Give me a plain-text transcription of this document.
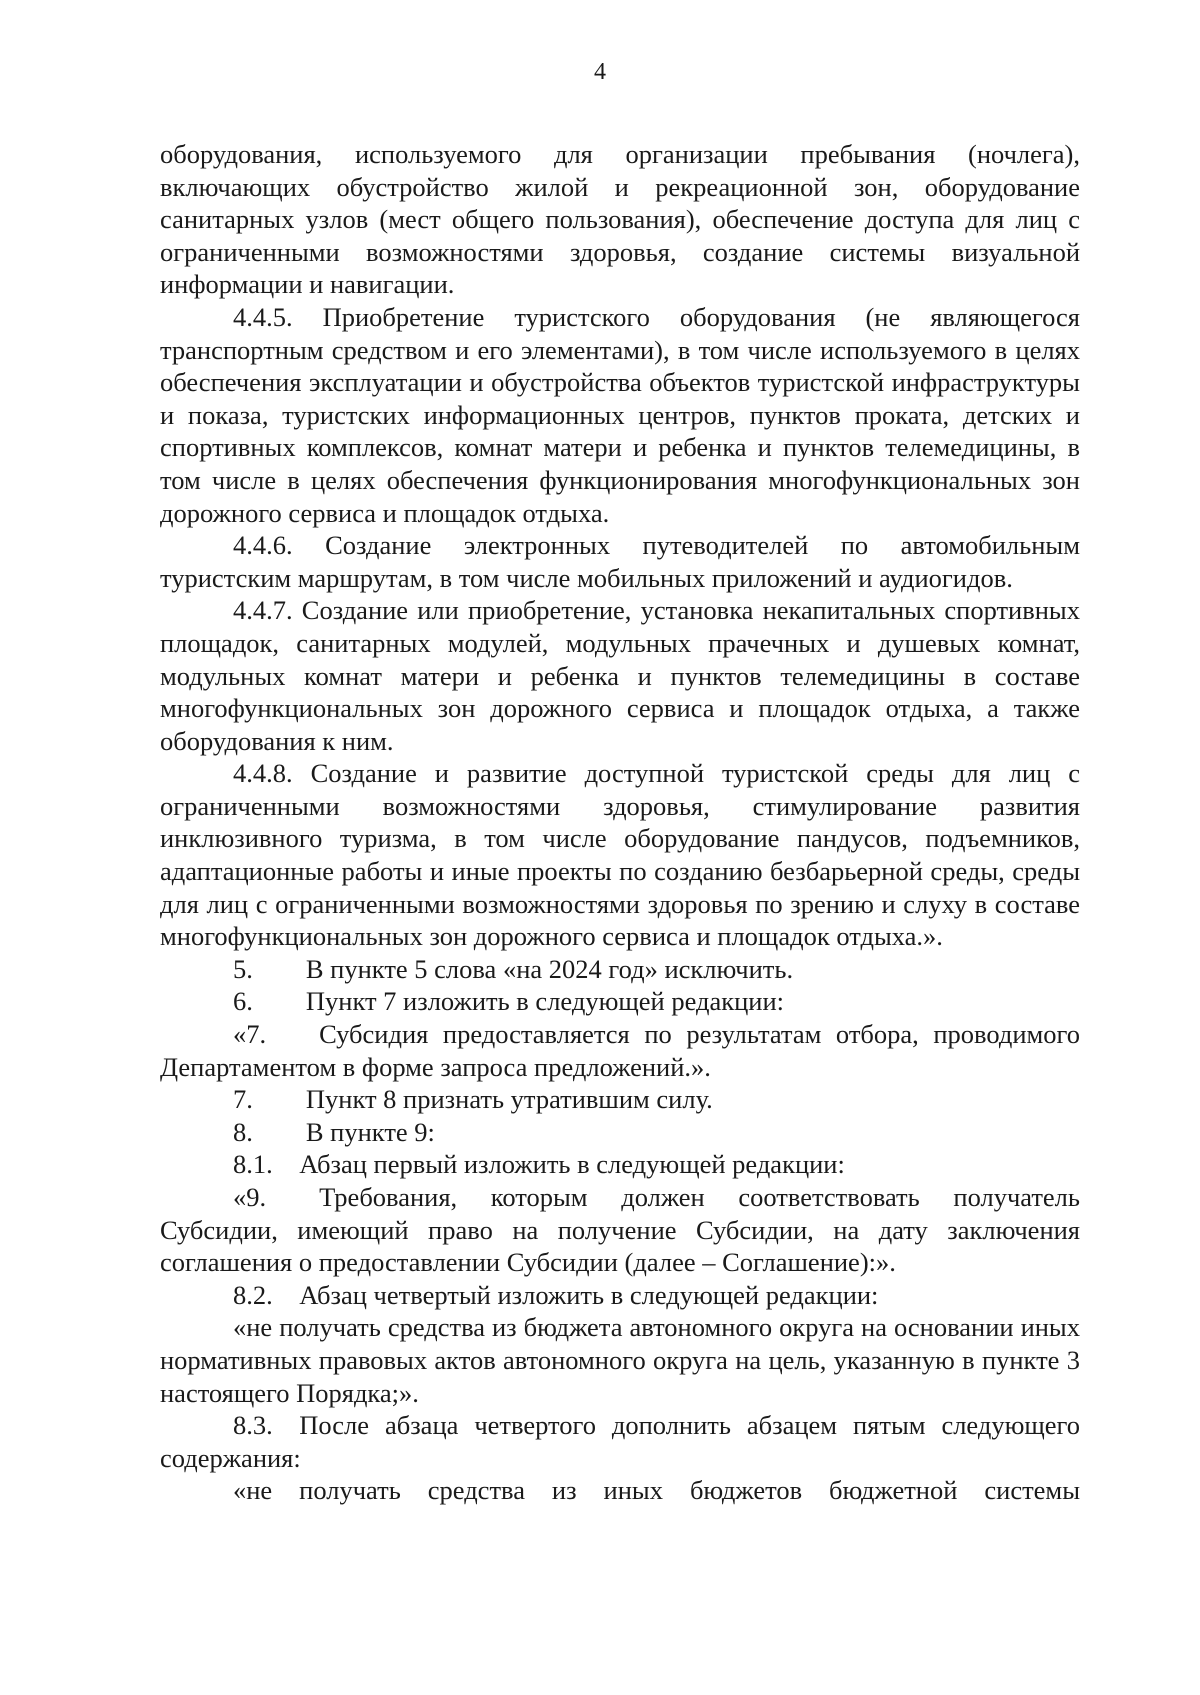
4

оборудования, используемого для организации пребывания (ночлега), включающих обустройство жилой и рекреационной зон, оборудование санитарных узлов (мест общего пользования), обеспечение доступа для лиц с ограниченными возможностями здоровья, создание системы визуальной информации и навигации.

4.4.5. Приобретение туристского оборудования (не являющегося транспортным средством и его элементами), в том числе используемого в целях обеспечения эксплуатации и обустройства объектов туристской инфраструктуры и показа, туристских информационных центров, пунктов проката, детских и спортивных комплексов, комнат матери и ребенка и пунктов телемедицины, в том числе в целях обеспечения функционирования многофункциональных зон дорожного сервиса и площадок отдыха.

4.4.6. Создание электронных путеводителей по автомобильным туристским маршрутам, в том числе мобильных приложений и аудиогидов.

4.4.7. Создание или приобретение, установка некапитальных спортивных площадок, санитарных модулей, модульных прачечных и душевых комнат, модульных комнат матери и ребенка и пунктов телемедицины в составе многофункциональных зон дорожного сервиса и площадок отдыха, а также оборудования к ним.

4.4.8. Создание и развитие доступной туристской среды для лиц с ограниченными возможностями здоровья, стимулирование развития инклюзивного туризма, в том числе оборудование пандусов, подъемников, адаптационные работы и иные проекты по созданию безбарьерной среды, среды для лиц с ограниченными возможностями здоровья по зрению и слуху в составе многофункциональных зон дорожного сервиса и площадок отдыха.».

5.  В пункте 5 слова «на 2024 год» исключить.

6.  Пункт 7 изложить в следующей редакции:

«7.  Субсидия предоставляется по результатам отбора, проводимого Департаментом в форме запроса предложений.».

7.  Пункт 8 признать утратившим силу.

8.  В пункте 9:

8.1. Абзац первый изложить в следующей редакции:

«9.  Требования, которым должен соответствовать получатель Субсидии, имеющий право на получение Субсидии, на дату заключения соглашения о предоставлении Субсидии (далее – Соглашение):».

8.2. Абзац четвертый изложить в следующей редакции:

«не получать средства из бюджета автономного округа на основании иных нормативных правовых актов автономного округа на цель, указанную в пункте 3 настоящего Порядка;».

8.3. После абзаца четвертого дополнить абзацем пятым следующего содержания:

«не получать средства из иных бюджетов бюджетной системы
